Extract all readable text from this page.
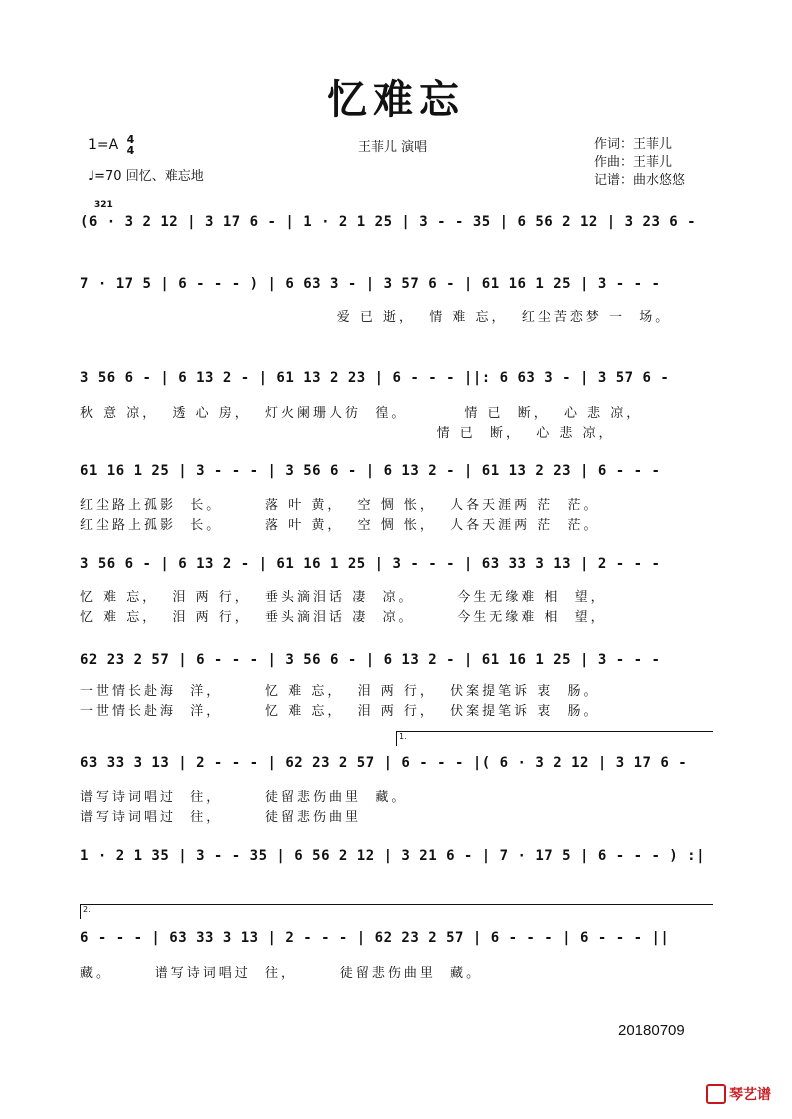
忆难忘
1=A 4
4
♩=70 回忆、难忘地
王菲儿 演唱	作词：王菲儿
作曲：王菲儿
记谱：曲水悠悠
321
(6 · 3 2 12 | 3 17 6 - | 1 · 2 1 25 | 3 - - 35 | 6 56 2 12 | 3 23 6 -
7 · 17 5 | 6 - - - ) | 6 63 3 - | 3 57 6 - | 61 16 1 25 | 3 - - -
爱 已 逝，  情 难 忘，  红尘苦恋梦 一  场。
3 56 6 - | 6 13 2 - | 61 13 2 23 | 6 - - - ||: 6 63 3 - | 3 57 6 -
秋 意 凉，  透 心 房，  灯火阑珊人彷  徨。        情 已  断，  心 悲 凉，
情 已  断，  心 悲 凉，
61 16 1 25 | 3 - - - | 3 56 6 - | 6 13 2 - | 61 13 2 23 | 6 - - -
红尘路上孤影  长。      落 叶 黄，  空 惆 怅，  人各天涯两 茫  茫。
红尘路上孤影  长。      落 叶 黄，  空 惆 怅，  人各天涯两 茫  茫。
3 56 6 - | 6 13 2 - | 61 16 1 25 | 3 - - - | 63 33 3 13 | 2 - - -
忆 难 忘，  泪 两 行，  垂头滴泪话 凄  凉。      今生无缘难 相  望，
忆 难 忘，  泪 两 行，  垂头滴泪话 凄  凉。      今生无缘难 相  望，
62 23 2 57 | 6 - - - | 3 56 6 - | 6 13 2 - | 61 16 1 25 | 3 - - -
一世情长赴海  洋，      忆 难 忘，  泪 两 行，  伏案提笔诉 衷  肠。
一世情长赴海  洋，      忆 难 忘，  泪 两 行，  伏案提笔诉 衷  肠。
1.
63 33 3 13 | 2 - - - | 62 23 2 57 | 6 - - - |( 6 · 3 2 12 | 3 17 6 -
谱写诗词唱过  往，      徒留悲伤曲里  藏。
谱写诗词唱过  往，      徒留悲伤曲里
1 · 2 1 35 | 3 - - 35 | 6 56 2 12 | 3 21 6 - | 7 · 17 5 | 6 - - - ) :|
2.
6 - - - | 63 33 3 13 | 2 - - - | 62 23 2 57 | 6 - - - | 6 - - - ||
藏。      谱写诗词唱过  往，      徒留悲伤曲里  藏。
20180709
琴艺谱
